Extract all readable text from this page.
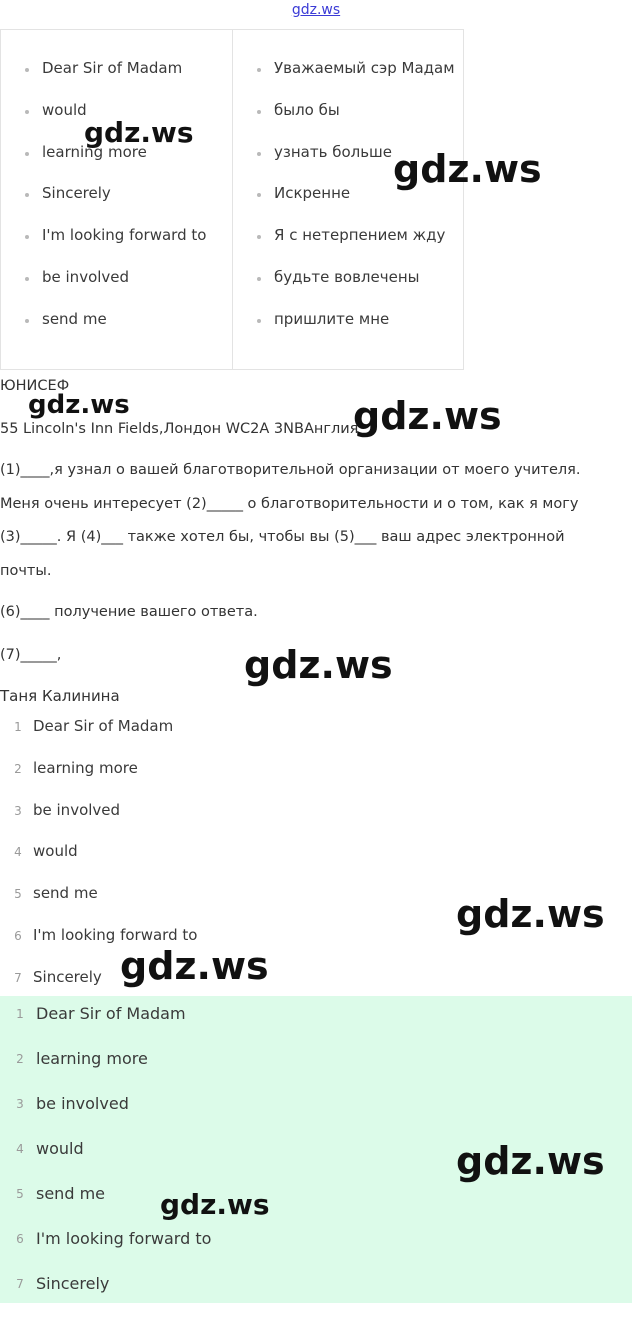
gdz.ws
Dear Sir of Madam
would
learning more
Sincerely
I'm looking forward to
be involved
send me
Уважаемый сэр Мадам
было бы
узнать больше
Искренне
Я с нетерпением жду
будьте вовлечены
пришлите мне
ЮНИСЕФ
55 Lincoln's Inn Fields,Лондон WC2A 3NBАнглия
(1)____,я узнал о вашей благотворительной организации от моего учителя.
Меня очень интересует (2)_____ о благотворительности и о том, как я могу
(3)_____. Я (4)___ также хотел бы, чтобы вы (5)___ ваш адрес электронной
почты.
(6)____ получение вашего ответа.
(7)_____,
Таня Калинина
1 Dear Sir of Madam
2 learning more
3 be involved
4 would
5 send me
6 I'm looking forward to
7 Sincerely
1 Dear Sir of Madam
2 learning more
3 be involved
4 would
5 send me
6 I'm looking forward to
7 Sincerely
gdz.ws
gdz.ws
gdz.ws	gdz.ws
gdz.ws
gdz.ws
gdz.ws
gdz.ws
gdz.ws
